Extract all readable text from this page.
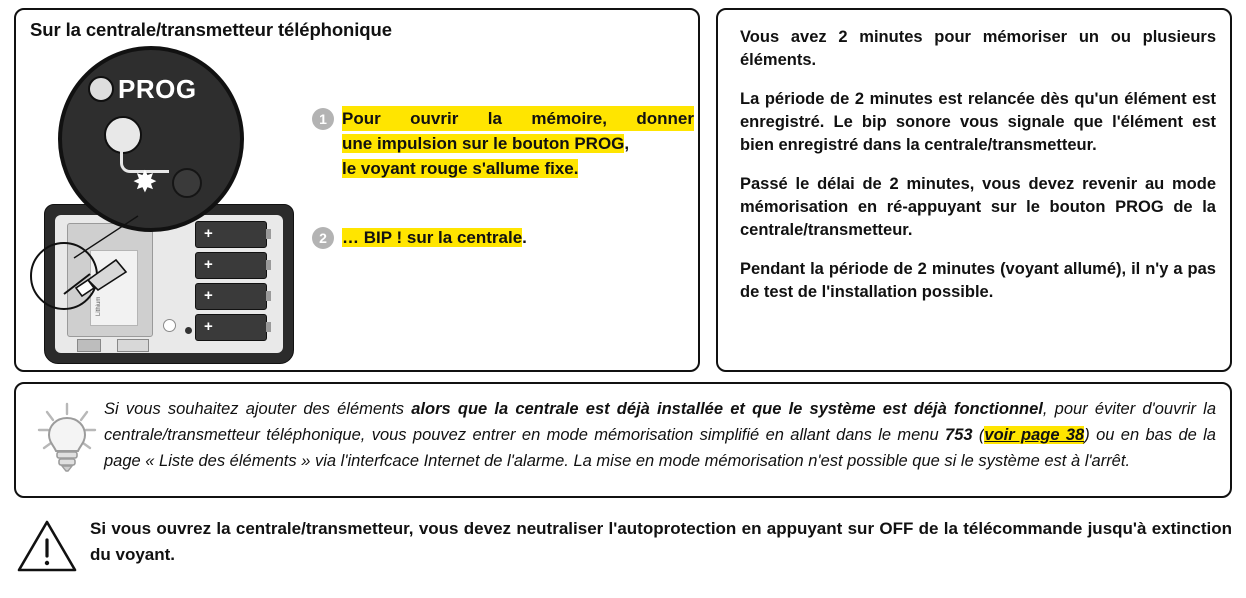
Sur la centrale/transmetteur téléphonique
Lithium
+
+
+
+
PROG
✸
1 Pour ouvrir la mémoire, donner
une impulsion sur le bouton PROG,
le voyant rouge s'allume fixe.
2 … BIP ! sur la centrale.

Vous avez 2 minutes pour mémoriser un ou plusieurs éléments.

La période de 2 minutes est relancée dès qu'un élément est enregistré. Le bip sonore vous signale que l'élément est bien enregistré dans la centrale/transmetteur.

Passé le délai de 2 minutes, vous devez revenir au mode mémorisation en ré-appuyant sur le bouton PROG de la centrale/transmetteur.

Pendant la période de 2 minutes (voyant allumé), il n'y a pas de test de l'installation possible.

Si vous souhaitez ajouter des éléments alors que la centrale est déjà installée et que le système est déjà fonctionnel, pour éviter d'ouvrir la centrale/transmetteur téléphonique, vous pouvez entrer en mode mémorisation simplifié en allant dans le menu 753 (voir page 38) ou en bas de la page « Liste des éléments » via l'interfcace Internet de l'alarme. La mise en mode mémorisation n'est possible que si le système est à l'arrêt.
Si vous ouvrez la centrale/transmetteur, vous devez neutraliser l'autoprotection en appuyant sur OFF de la télécommande jusqu'à extinction du voyant.
